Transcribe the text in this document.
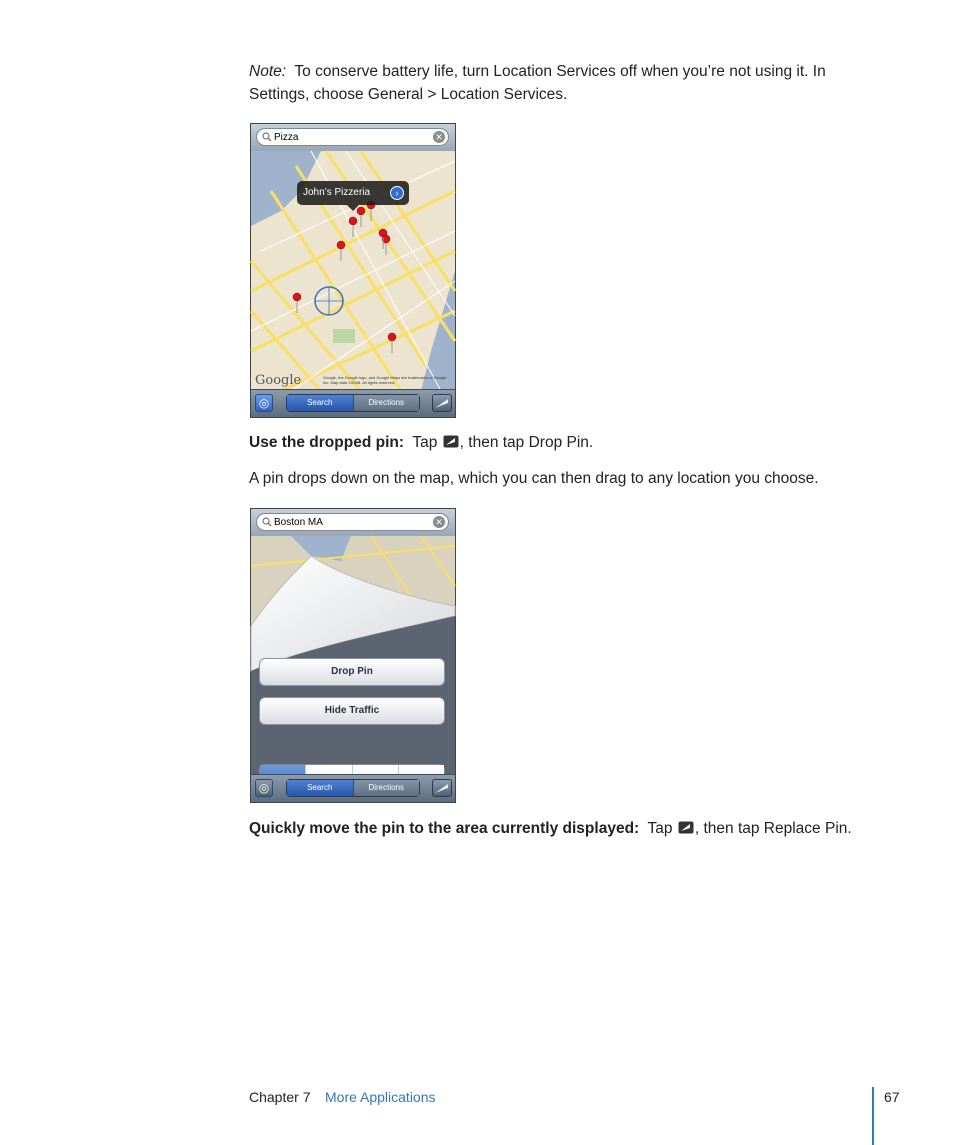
Note: To conserve battery life, turn Location Services off when you’re not using it. In Settings, choose General > Location Services.
Pizza	✕
John’s Pizzeria	›
Google	Google, the Google logo, and Google Maps are trademarks of Google Inc. Map data ©2008. All rights reserved.
◎	Search	Directions
Use the dropped pin: Tap , then tap Drop Pin.
A pin drops down on the map, which you can then drag to any location you choose.
Boston MA	✕
Drop Pin
Hide Traffic
◎	Search	Directions
Quickly move the pin to the area currently displayed: Tap , then tap Replace Pin.
Chapter 7 More Applications	67
